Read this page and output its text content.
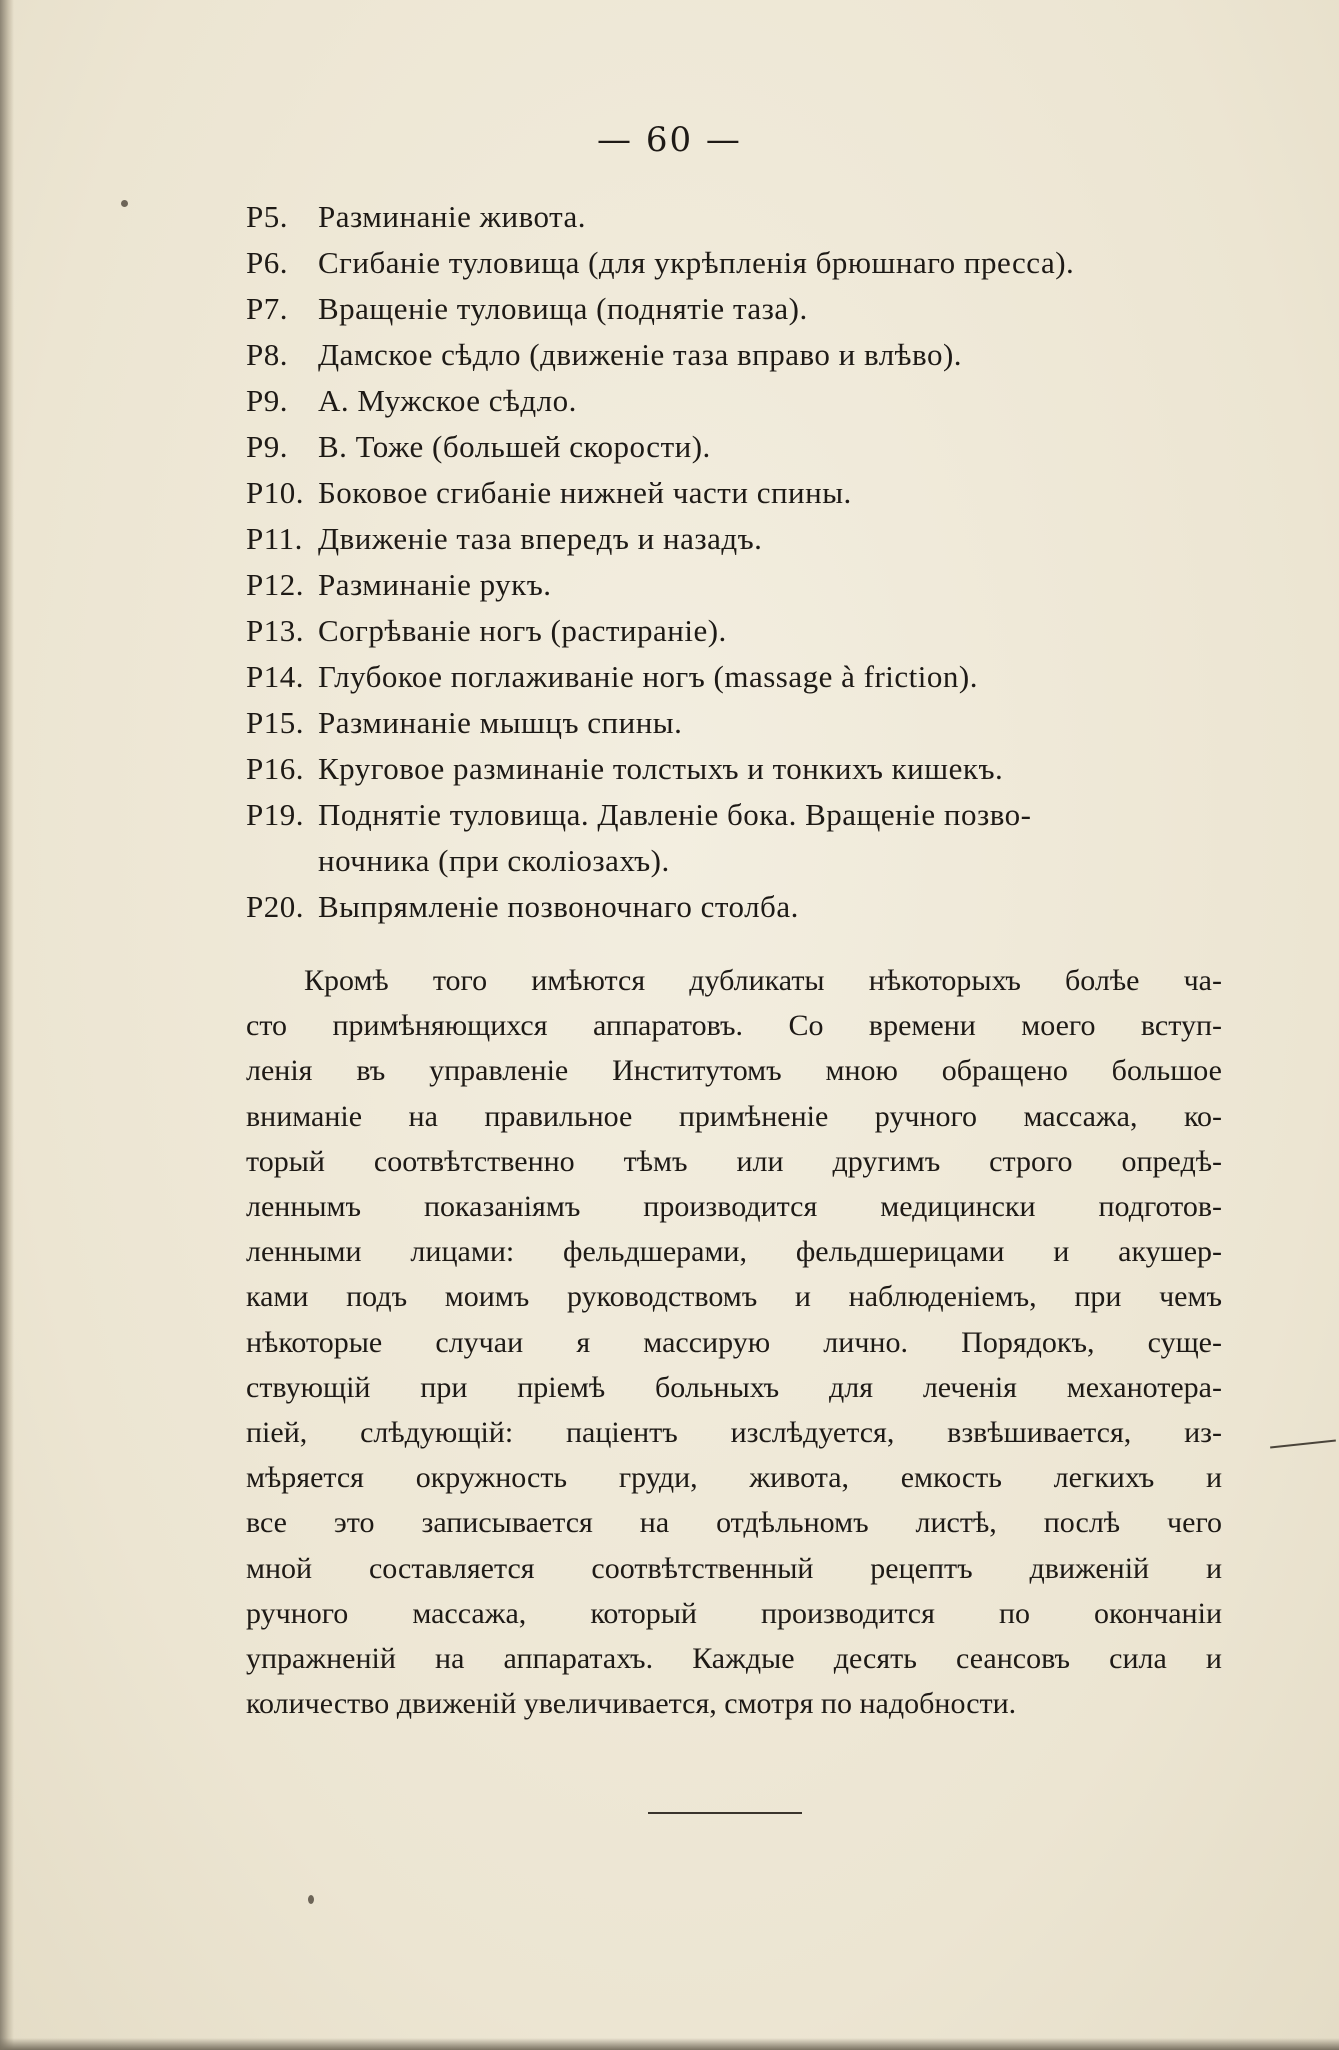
— 60 —
P5. Разминаніе живота.
P6. Сгибаніе туловища (для укрѣпленія брюшнаго пресса).
P7. Вращеніе туловища (поднятіе таза).
P8. Дамское сѣдло (движеніе таза вправо и влѣво).
P9. А. Мужское сѣдло.
P9. В. Тоже (большей скорости).
P10. Боковое сгибаніе нижней части спины.
P11. Движеніе таза впередъ и назадъ.
P12. Разминаніе рукъ.
P13. Согрѣваніе ногъ (растираніе).
P14. Глубокое поглаживаніе ногъ (massage à friction).
P15. Разминаніе мышцъ спины.
P16. Круговое разминаніе толстыхъ и тонкихъ кишекъ.
P19. Поднятіе туловища. Давленіе бока. Вращеніе позво-
ночника (при сколіозахъ).
P20. Выпрямленіе позвоночнаго столба.
Кромѣ того имѣются дубликаты нѣкоторыхъ болѣе ча-
сто примѣняющихся аппаратовъ. Со времени моего вступ-
ленія въ управленіе Институтомъ мною обращено большое
вниманіе на правильное примѣненіе ручного массажа, ко-
торый соотвѣтственно тѣмъ или другимъ строго опредѣ-
леннымъ показаніямъ производится медицински подготов-
ленными лицами: фельдшерами, фельдшерицами и акушер-
ками подъ моимъ руководствомъ и наблюденіемъ, при чемъ
нѣкоторые случаи я массирую лично. Порядокъ, суще-
ствующій при пріемѣ больныхъ для леченія механотера-
піей, слѣдующій: паціентъ изслѣдуется, взвѣшивается, из-
мѣряется окружность груди, живота, емкость легкихъ и
все это записывается на отдѣльномъ листѣ, послѣ чего
мной составляется соотвѣтственный рецептъ движеній и
ручного массажа, который производится по окончаніи
упражненій на аппаратахъ. Каждые десять сеансовъ сила и
количество движеній увеличивается, смотря по надобности.
